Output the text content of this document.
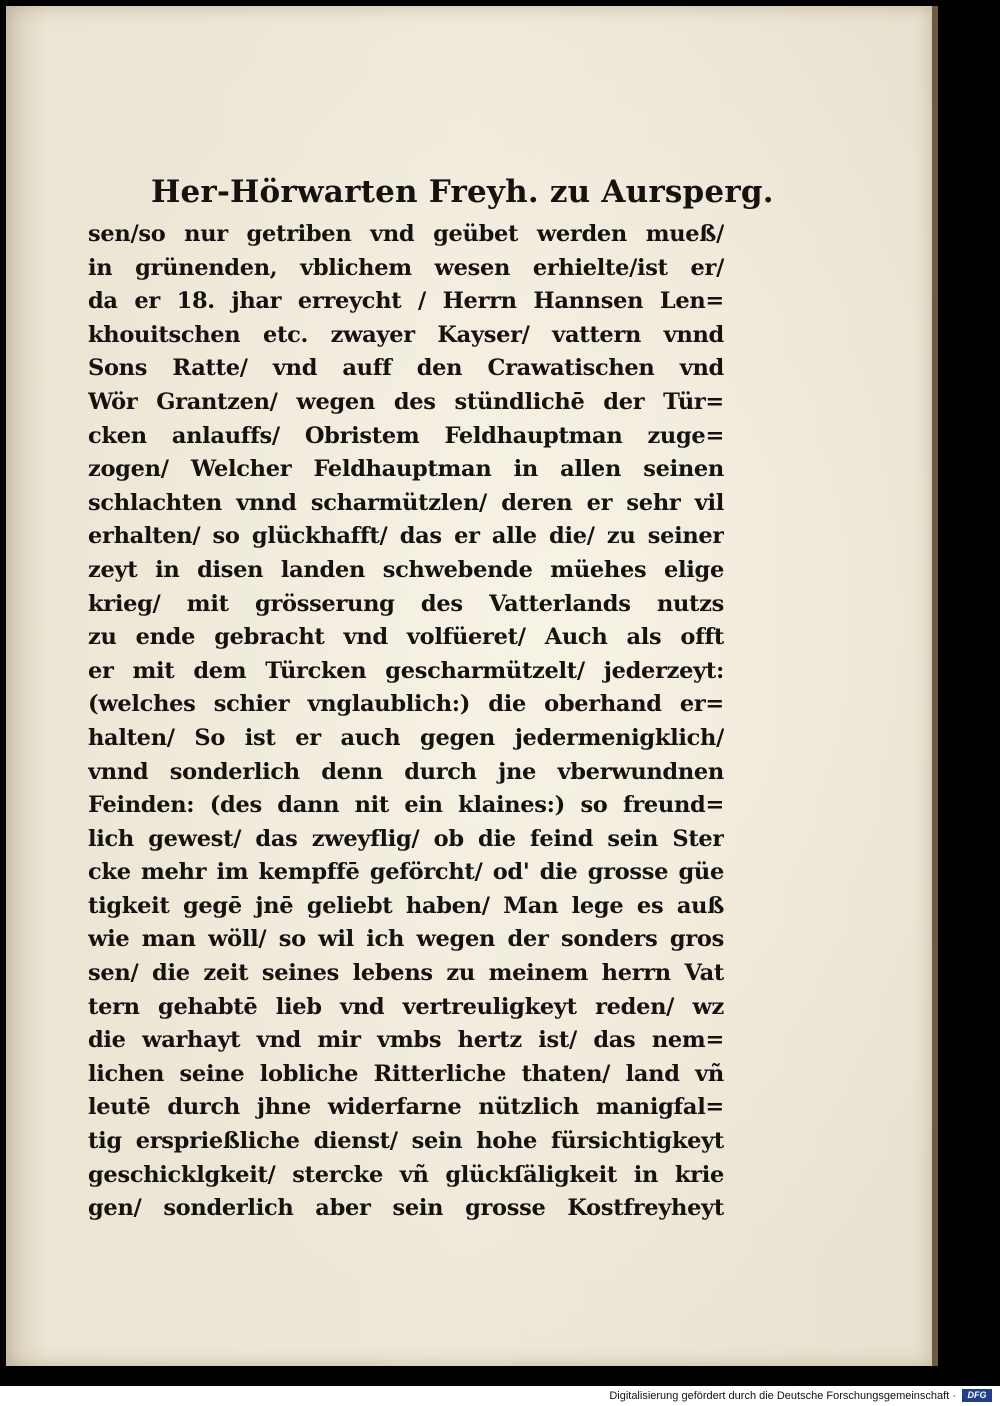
Her-Hörwarten Freyh. zu Aursperg.
sen/so nur getriben vnd geübet werden mueß/
in grünenden, vblichem wesen erhielte/ist er/
da er 18. jhar erreycht / Herrn Hannsen Len=
khouitschen etc. zwayer Kayser/ vattern vnnd
Sons Ratte/ vnd auff den Crawatischen vnd
Wör Grantzen/ wegen des stündlichē der Tür=
cken anlauffs/ Obristem Feldhauptman zuge=
zogen/ Welcher Feldhauptman in allen seinen
schlachten vnnd scharmützlen/ deren er sehr vil
erhalten/ so glückhafft/ das er alle die/ zu seiner
zeyt in disen landen schwebende müehes elige
krieg/ mit grösserung des Vatterlands nutzs
zu ende gebracht vnd volfüeret/ Auch als offt
er mit dem Türcken gescharmützelt/ jederzeyt:
(welches schier vnglaublich:) die oberhand er=
halten/ So ist er auch gegen jedermenigklich/
vnnd sonderlich denn durch jne vberwundnen
Feinden: (des dann nit ein klaines:) so freund=
lich gewest/ das zweyflig/ ob die feind sein Ster
cke mehr im kempffē geförcht/ od' die grosse güe
tigkeit gegē jnē geliebt haben/ Man lege es auß
wie man wöll/ so wil ich wegen der sonders gros
sen/ die zeit seines lebens zu meinem herrn Vat
tern gehabtē lieb vnd vertreuligkeyt reden/ wz
die warhayt vnd mir vmbs hertz ist/ das nem=
lichen seine lobliche Ritterliche thaten/ land vñ
leutē durch jhne widerfarne nützlich manigfal=
tig ersprießliche dienst/ sein hohe fürsichtigkeyt
geschicklgkeit/ stercke vñ glückſäligkeit in krie
gen/ sonderlich aber sein grosse Kostfreyheyt
Digitalisierung gefördert durch die Deutsche Forschungsgemeinschaft ·	DFG
